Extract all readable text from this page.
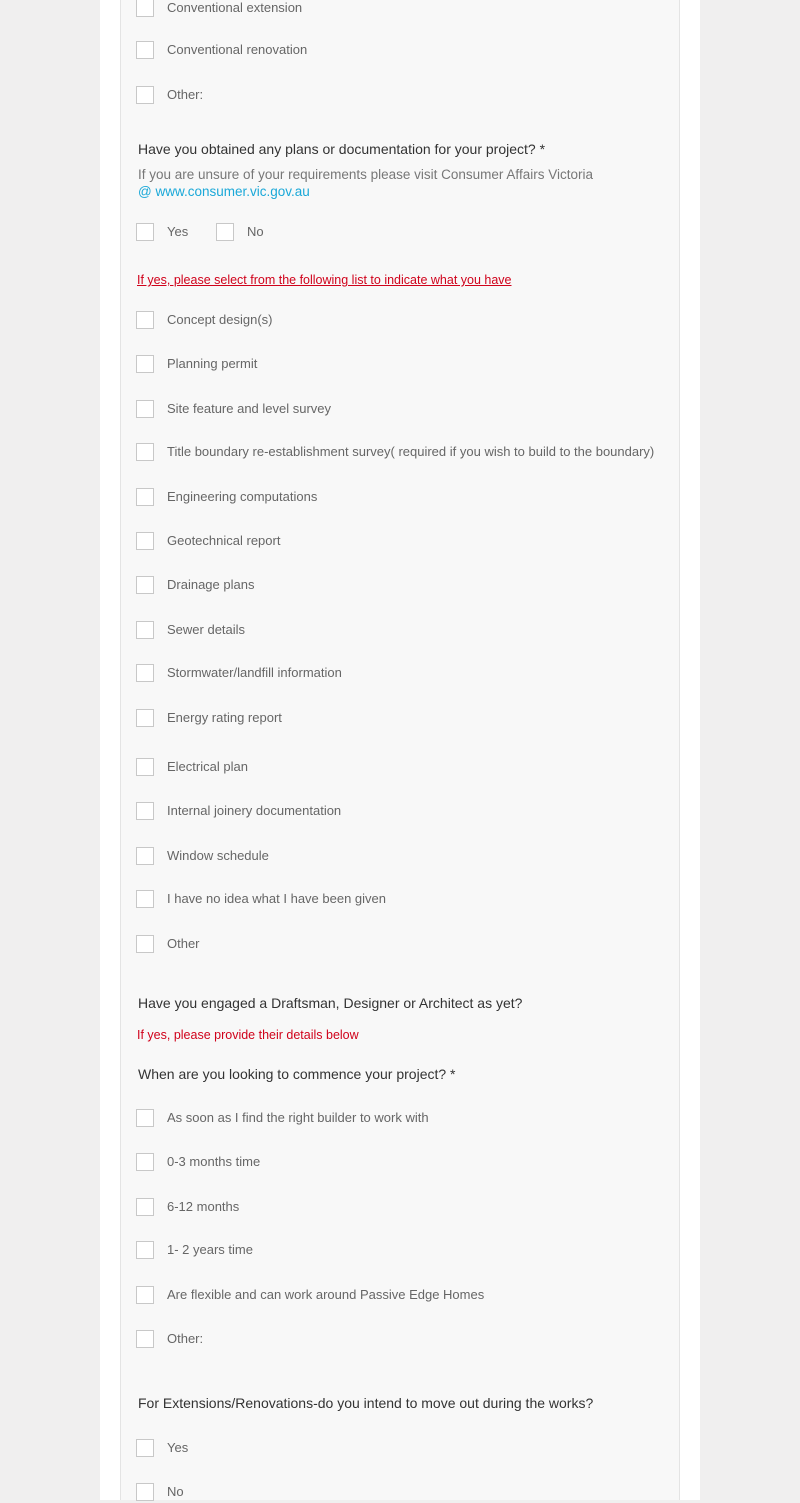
Conventional extension
Conventional renovation
Other:
Have you obtained any plans or documentation for your project? *
If you are unsure of your requirements please visit Consumer Affairs Victoria
@ www.consumer.vic.gov.au
Yes	No
If yes, please select from the following list to indicate what you have
Concept design(s)
Planning permit
Site feature and level survey
Title boundary re-establishment survey( required if you wish to build to the boundary)
Engineering computations
Geotechnical report
Drainage plans
Sewer details
Stormwater/landfill information
Energy rating report
Electrical plan
Internal joinery documentation
Window schedule
I have no idea what I have been given
Other
Have you engaged a Draftsman, Designer or Architect as yet?
If yes, please provide their details below
When are you looking to commence your project? *
As soon as I find the right builder to work with
0-3 months time
6-12 months
1- 2 years time
Are flexible and can work around Passive Edge Homes
Other:
For Extensions/Renovations-do you intend to move out during the works?
Yes
No
